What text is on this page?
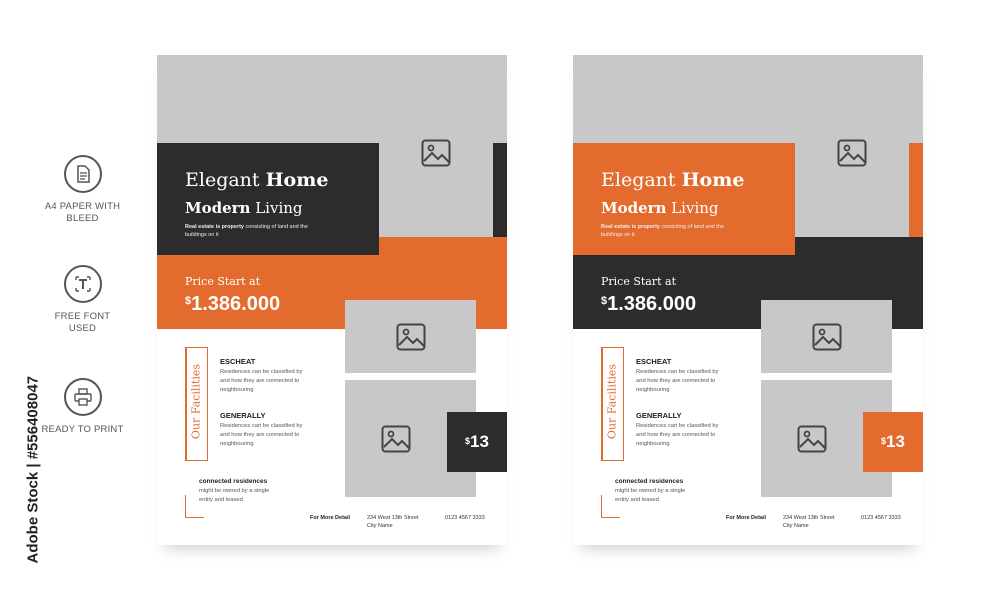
A4 PAPER WITH BLEED
FREE FONT USED
READY TO PRINT
Adobe Stock | #556408047
Elegant Home
Modern Living
Real estate is property consisting of land and the buildings on it
Price Start at
$1.386.000
$ 13
Our Facilities
ESCHEAT
Residences can be classified by and how they are connected to neighbouring
GENERALLY
Residences can be classified by and how they are connected to neighbouring
connected residences
might be owned by a single entity and leased
For More Detail	234 West 13th Street
City Name
0123 4567 3333
Elegant Home
Modern Living
Real estate is property consisting of land and the buildings on it
Price Start at
$1.386.000
$ 13
Our Facilities
ESCHEAT
Residences can be classified by and how they are connected to neighbouring
GENERALLY
Residences can be classified by and how they are connected to neighbouring
connected residences
might be owned by a single entity and leased
For More Detail	234 West 13th Street
City Name
0123 4567 3333
